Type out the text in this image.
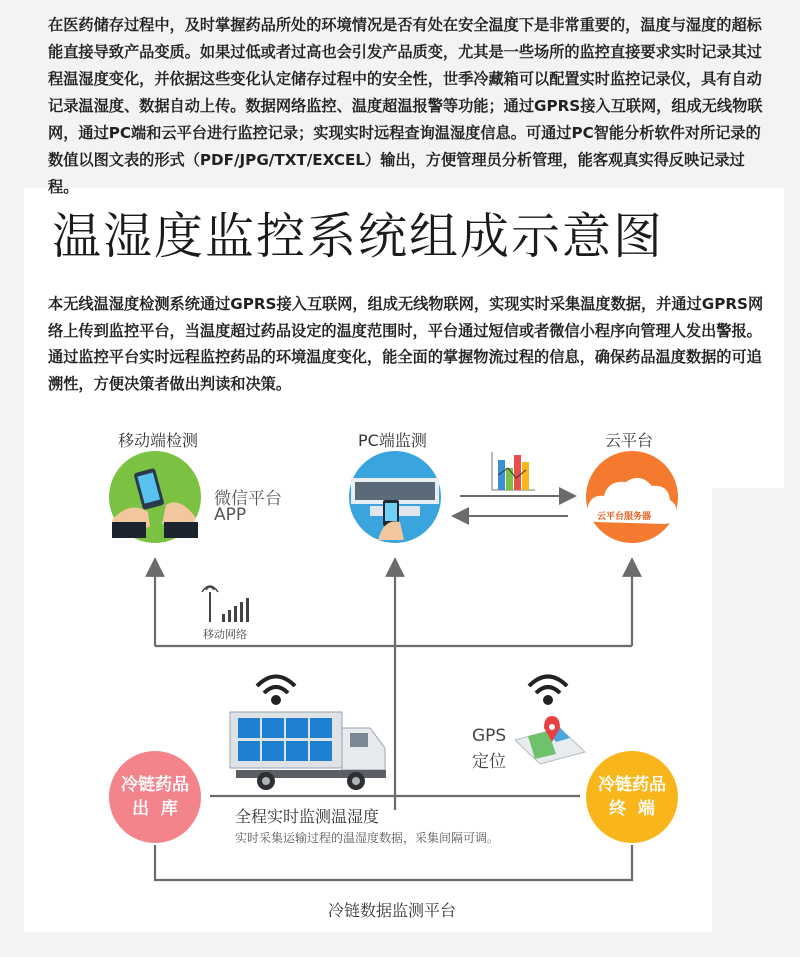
在医药储存过程中，及时掌握药品所处的环境情况是否有处在安全温度下是非常重要的，温度与湿度的超标能直接导致产品变质。如果过低或者过高也会引发产品质变，尤其是一些场所的监控直接要求实时记录其过程温湿度变化，并依据这些变化认定储存过程中的安全性，世季冷藏箱可以配置实时监控记录仪，具有自动记录温湿度、数据自动上传。数据网络监控、温度超温报警等功能；通过GPRS接入互联网，组成无线物联网，通过PC端和云平台进行监控记录；实现实时远程查询温湿度信息。可通过PC智能分析软件对所记录的数值以图文表的形式（PDF/JPG/TXT/EXCEL）输出，方便管理员分析管理，能客观真实得反映记录过程。

温湿度监控系统组成示意图

本无线温湿度检测系统通过GPRS接入互联网，组成无线物联网，实现实时采集温度数据，并通过GPRS网络上传到监控平台，当温度超过药品设定的温度范围时，平台通过短信或者微信小程序向管理人发出警报。通过监控平台实时远程监控药品的环境温度变化，能全面的掌握物流过程的信息，确保药品温度数据的可追溯性，方便决策者做出判读和决策。

移动端检测	PC端监测	云平台
微信平台
APP	云平台服务器
移动网络
GPS
定位
冷链药品
出  库
冷链药品
终  端
全程实时监测温湿度
实时采集运输过程的温湿度数据，采集间隔可调。
冷链数据监测平台
